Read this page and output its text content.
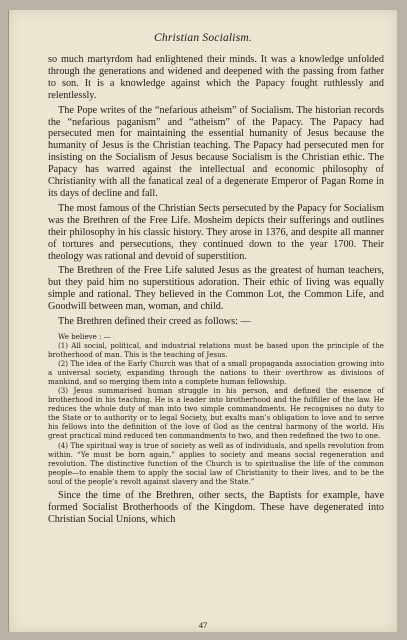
Christian Socialism.

so much martyrdom had enlightened their minds. It was a knowledge unfolded through the generations and widened and deepened with the passing from father to son. It is a knowledge against which the Papacy fought ruthlessly and relentlessly.

The Pope writes of the “nefarious atheism” of Socialism. The historian records the “nefarious paganism” and “atheism” of the Papacy. The Papacy had persecuted men for maintaining the essential humanity of Jesus because the humanity of Jesus is the Christian teaching. The Papacy had persecuted men for insisting on the Socialism of Jesus because Socialism is the Christian ethic. The Papacy has warred against the intellectual and economic philosophy of Christianity with all the fanatical zeal of a degenerate Emperor of Pagan Rome in its days of decline and fall.

The most famous of the Christian Sects persecuted by the Papacy for Socialism was the Brethren of the Free Life. Mosheim depicts their sufferings and outlines their philosophy in his classic history. They arose in 1376, and despite all manner of tortures and persecutions, they continued down to the year 1700. Their theology was rational and devoid of superstition.

The Brethren of the Free Life saluted Jesus as the greatest of human teachers, but they paid him no superstitious adoration. Their ethic of living was equally simple and rational. They believed in the Common Lot, the Common Life, and Goodwill between man, woman, and child.

The Brethren defined their creed as follows: —

We believe : —

(1) All social, political, and industrial relations must be based upon the principle of the brotherhood of man. This is the teaching of Jesus.

(2) The idea of the Early Church was that of a small propaganda association growing into a universal society, expanding through the nations to their overthrow as divisions of mankind, and so merging them into a complete human fellowship.

(3) Jesus summarised human struggle in his person, and defined the essence of brotherhood in his teaching. He is a leader into brotherhood and the fulfiller of the law. He reduces the whole duty of man into two simple commandments. He recognises no duty to the State or to authority or to legal Society, but exalts man’s obligation to love and to serve his fellows into the definition of the love of God as the central harmony of the world. His great practical mind reduced ten commandments to two, and then redefined the two to one.

(4) The spiritual way is true of society as well as of individuals, and spells revolution from within. “Ye must be born again,” applies to society and means social regeneration and revolution. The distinctive function of the Church is to spiritualise the life of the common people—to enable them to apply the social law of Christianity to their lives, and to be the soul of the people’s revolt against slavery and the State.”

Since the time of the Brethren, other sects, the Baptists for example, have formed Socialist Brotherhoods of the Kingdom. These have degenerated into Christian Social Unions, which

47
